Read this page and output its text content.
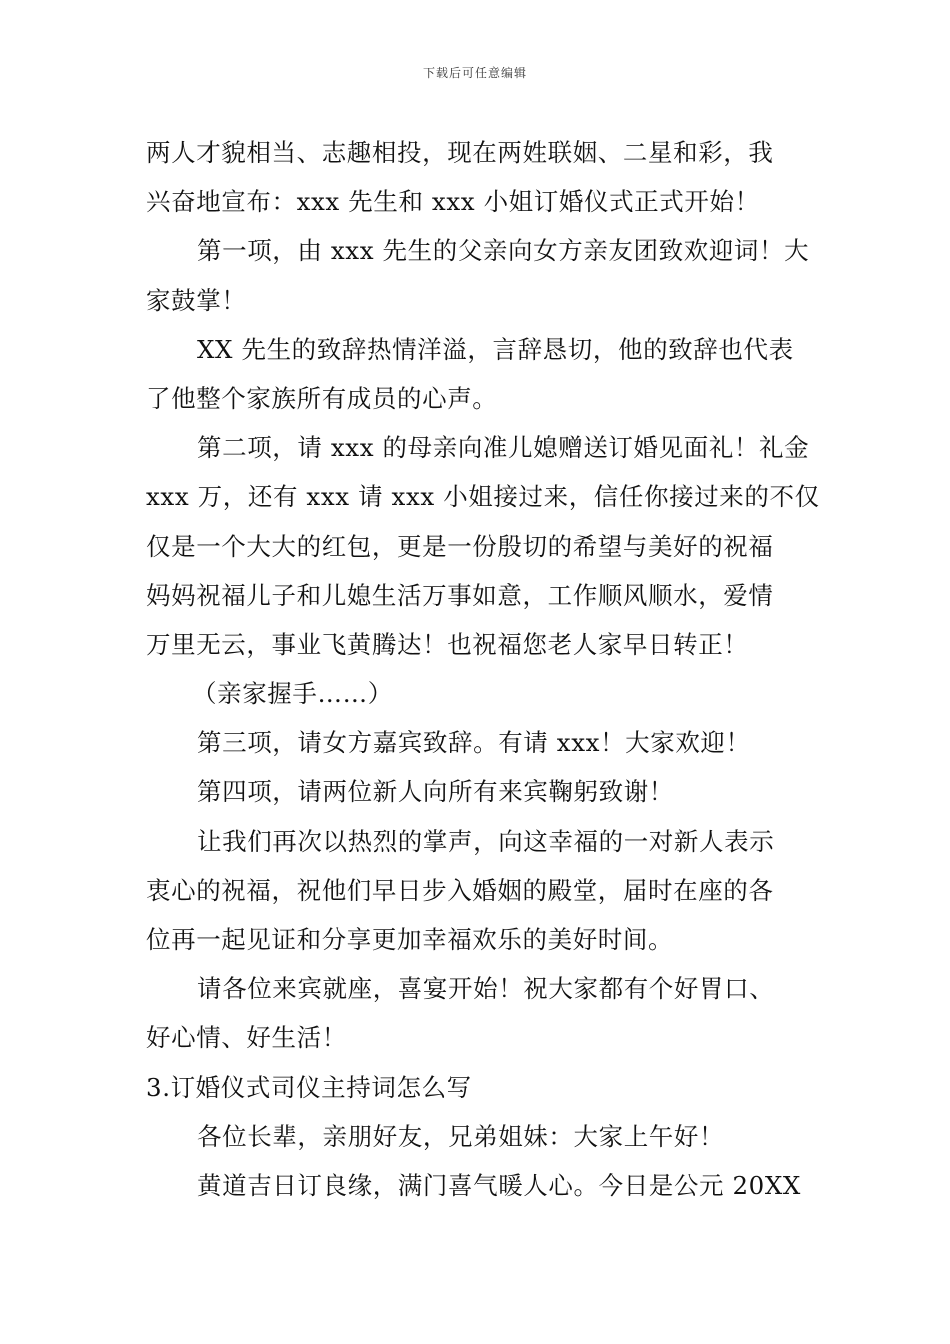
下载后可任意编辑
两人才貌相当、志趣相投，现在两姓联姻、二星和彩，我
兴奋地宣布：xxx 先生和 xxx 小姐订婚仪式正式开始！
第一项，由 xxx 先生的父亲向女方亲友团致欢迎词！大
家鼓掌！
XX 先生的致辞热情洋溢，言辞恳切，他的致辞也代表
了他整个家族所有成员的心声。
第二项，请 xxx 的母亲向准儿媳赠送订婚见面礼！礼金
xxx 万，还有 xxx 请 xxx 小姐接过来，信任你接过来的不仅
仅是一个大大的红包，更是一份殷切的希望与美好的祝福
妈妈祝福儿子和儿媳生活万事如意，工作顺风顺水，爱情
万里无云，事业飞黄腾达！也祝福您老人家早日转正！
（亲家握手……）
第三项，请女方嘉宾致辞。有请 xxx！大家欢迎！
第四项，请两位新人向所有来宾鞠躬致谢！
让我们再次以热烈的掌声，向这幸福的一对新人表示
衷心的祝福，祝他们早日步入婚姻的殿堂，届时在座的各
位再一起见证和分享更加幸福欢乐的美好时间。
请各位来宾就座，喜宴开始！祝大家都有个好胃口、
好心情、好生活！
3.订婚仪式司仪主持词怎么写
各位长辈，亲朋好友，兄弟姐妹：大家上午好！
黄道吉日订良缘，满门喜气暖人心。今日是公元 20XX
